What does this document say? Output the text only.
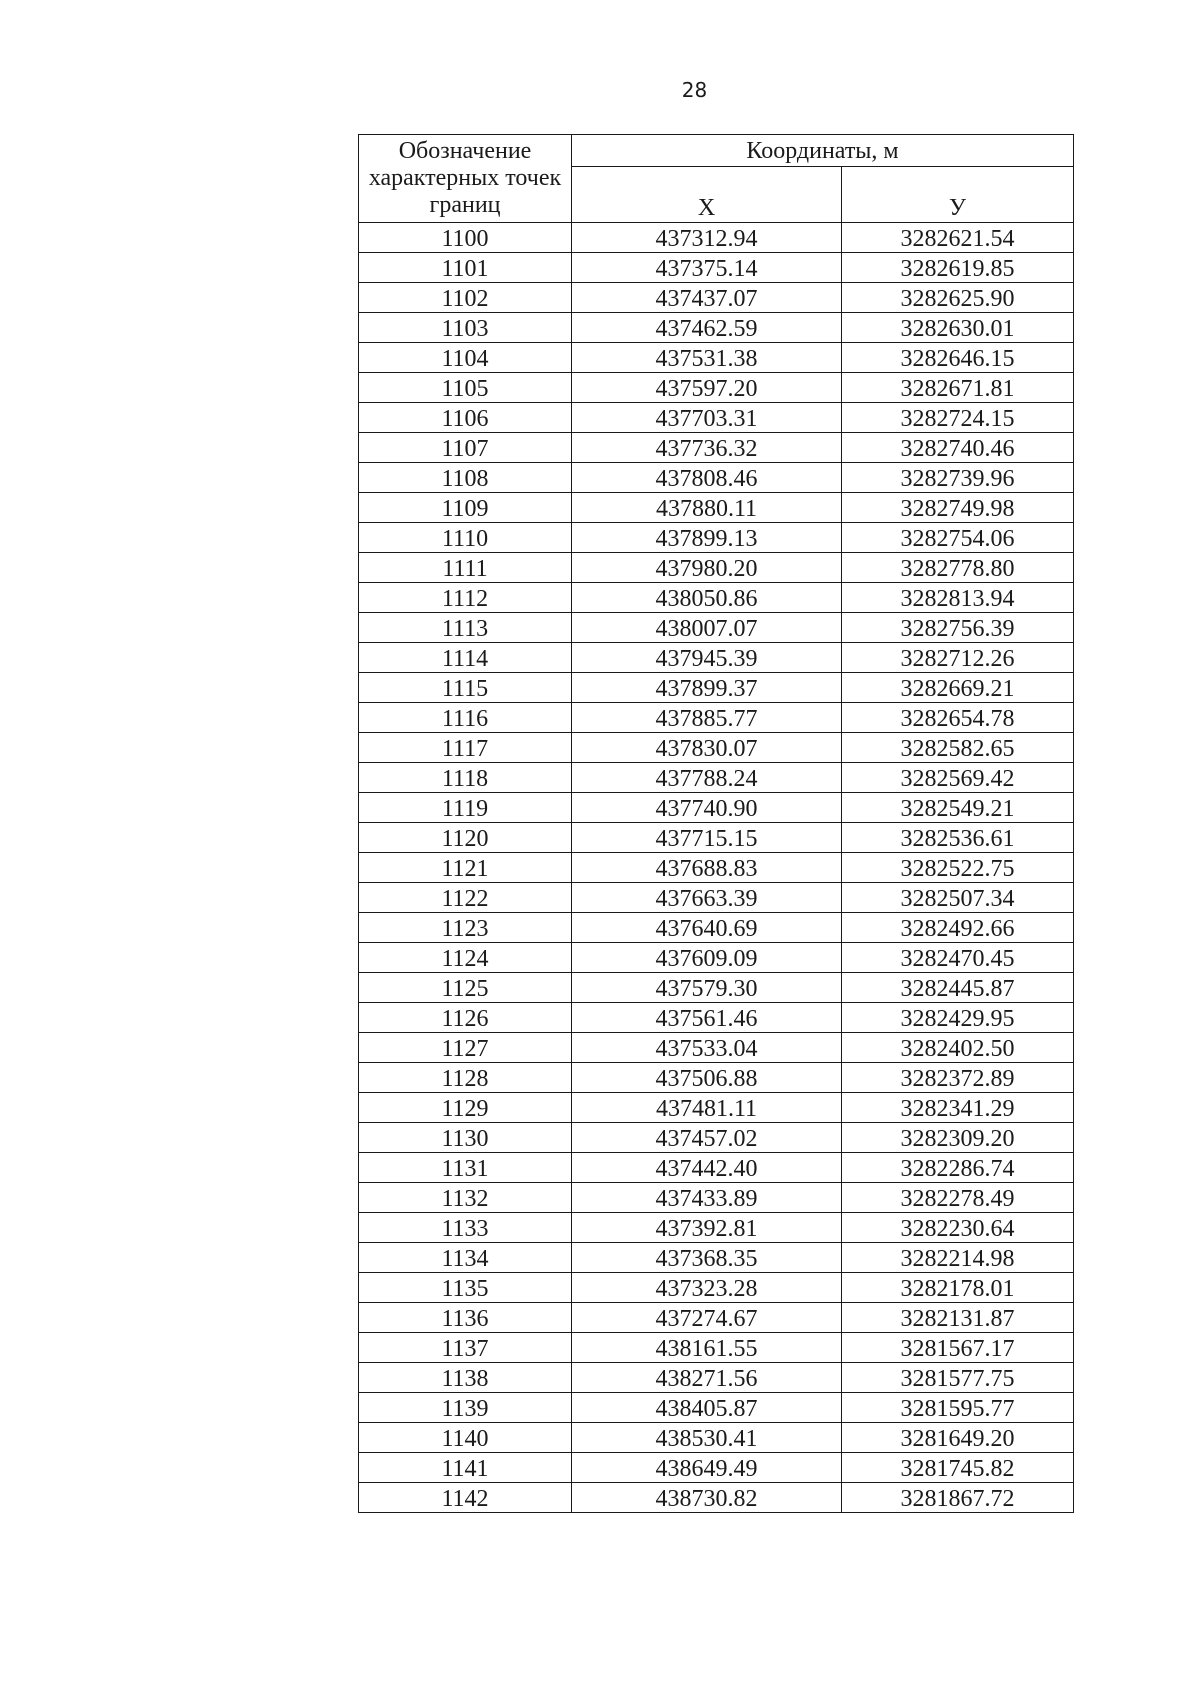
28
Обозначение характерных точек границ	Координаты, м	
	Х	У
1100	437312.94	3282621.54
1101	437375.14	3282619.85
1102	437437.07	3282625.90
1103	437462.59	3282630.01
1104	437531.38	3282646.15
1105	437597.20	3282671.81
1106	437703.31	3282724.15
1107	437736.32	3282740.46
1108	437808.46	3282739.96
1109	437880.11	3282749.98
1110	437899.13	3282754.06
1111	437980.20	3282778.80
1112	438050.86	3282813.94
1113	438007.07	3282756.39
1114	437945.39	3282712.26
1115	437899.37	3282669.21
1116	437885.77	3282654.78
1117	437830.07	3282582.65
1118	437788.24	3282569.42
1119	437740.90	3282549.21
1120	437715.15	3282536.61
1121	437688.83	3282522.75
1122	437663.39	3282507.34
1123	437640.69	3282492.66
1124	437609.09	3282470.45
1125	437579.30	3282445.87
1126	437561.46	3282429.95
1127	437533.04	3282402.50
1128	437506.88	3282372.89
1129	437481.11	3282341.29
1130	437457.02	3282309.20
1131	437442.40	3282286.74
1132	437433.89	3282278.49
1133	437392.81	3282230.64
1134	437368.35	3282214.98
1135	437323.28	3282178.01
1136	437274.67	3282131.87
1137	438161.55	3281567.17
1138	438271.56	3281577.75
1139	438405.87	3281595.77
1140	438530.41	3281649.20
1141	438649.49	3281745.82
1142	438730.82	3281867.72
